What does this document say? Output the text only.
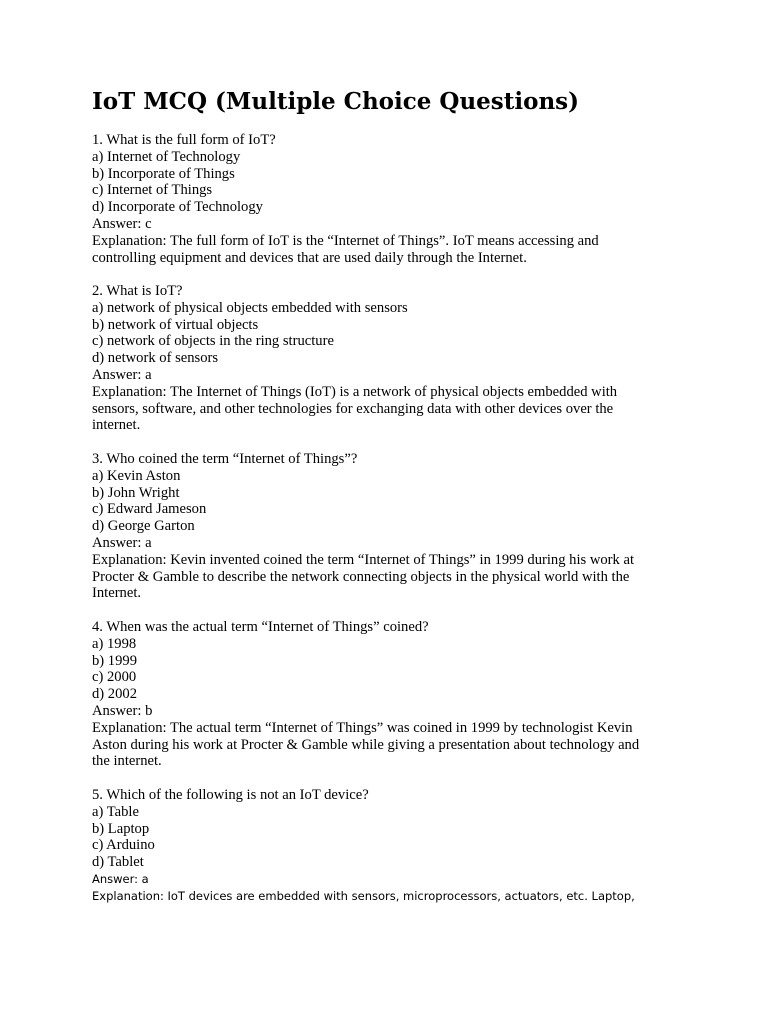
IoT MCQ (Multiple Choice Questions)
1. What is the full form of IoT?
a) Internet of Technology
b) Incorporate of Things
c) Internet of Things
d) Incorporate of Technology
Answer: c
Explanation: The full form of IoT is the “Internet of Things”. IoT means accessing and
controlling equipment and devices that are used daily through the Internet.
2. What is IoT?
a) network of physical objects embedded with sensors
b) network of virtual objects
c) network of objects in the ring structure
d) network of sensors
Answer: a
Explanation: The Internet of Things (IoT) is a network of physical objects embedded with
sensors, software, and other technologies for exchanging data with other devices over the
internet.
3. Who coined the term “Internet of Things”?
a) Kevin Aston
b) John Wright
c) Edward Jameson
d) George Garton
Answer: a
Explanation: Kevin invented coined the term “Internet of Things” in 1999 during his work at
Procter & Gamble to describe the network connecting objects in the physical world with the
Internet.
4. When was the actual term “Internet of Things” coined?
a) 1998
b) 1999
c) 2000
d) 2002
Answer: b
Explanation: The actual term “Internet of Things” was coined in 1999 by technologist Kevin
Aston during his work at Procter & Gamble while giving a presentation about technology and
the internet.
5. Which of the following is not an IoT device?
a) Table
b) Laptop
c) Arduino
d) Tablet
Answer: a
Explanation: IoT devices are embedded with sensors, microprocessors, actuators, etc. Laptop,
